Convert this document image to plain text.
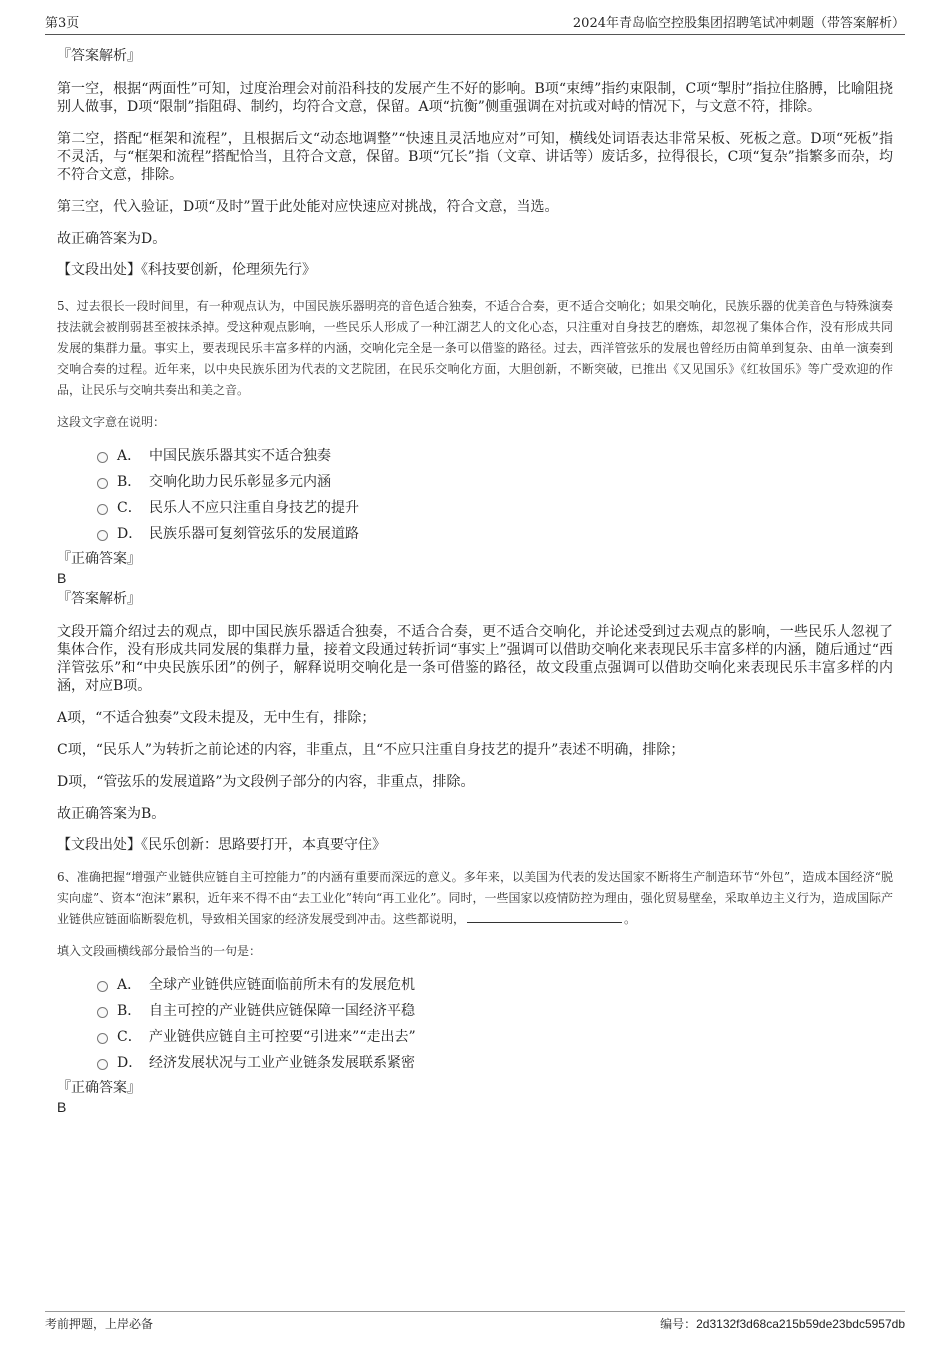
第3页	2024年青岛临空控股集团招聘笔试冲刺题（带答案解析）

『答案解析』

第一空，根据“两面性”可知，过度治理会对前沿科技的发展产生不好的影响。B项“束缚”指约束限制，C项“掣肘”指拉住胳膊，比喻阻挠别人做事，D项“限制”指阻碍、制约，均符合文意，保留。A项“抗衡”侧重强调在对抗或对峙的情况下，与文意不符，排除。

第二空，搭配“框架和流程”，且根据后文“动态地调整”“快速且灵活地应对”可知，横线处词语表达非常呆板、死板之意。D项“死板”指不灵活，与“框架和流程”搭配恰当，且符合文意，保留。B项“冗长”指（文章、讲话等）废话多，拉得很长，C项“复杂”指繁多而杂，均不符合文意，排除。

第三空，代入验证，D项“及时”置于此处能对应快速应对挑战，符合文意，当选。

故正确答案为D。

【文段出处】《科技要创新，伦理须先行》

5、过去很长一段时间里，有一种观点认为，中国民族乐器明亮的音色适合独奏，不适合合奏，更不适合交响化；如果交响化，民族乐器的优美音色与特殊演奏技法就会被削弱甚至被抹杀掉。受这种观点影响，一些民乐人形成了一种江湖艺人的文化心态，只注重对自身技艺的磨炼，却忽视了集体合作，没有形成共同发展的集群力量。事实上，要表现民乐丰富多样的内涵，交响化完全是一条可以借鉴的路径。过去，西洋管弦乐的发展也曾经历由简单到复杂、由单一演奏到交响合奏的过程。近年来，以中央民族乐团为代表的文艺院团，在民乐交响化方面，大胆创新，不断突破，已推出《又见国乐》《红妆国乐》等广受欢迎的作品，让民乐与交响共奏出和美之音。

这段文字意在说明：

A． 中国民族乐器其实不适合独奏
B． 交响化助力民乐彰显多元内涵
C． 民乐人不应只注重自身技艺的提升
D． 民族乐器可复刻管弦乐的发展道路

『正确答案』

B

『答案解析』

文段开篇介绍过去的观点，即中国民族乐器适合独奏，不适合合奏，更不适合交响化，并论述受到过去观点的影响，一些民乐人忽视了集体合作，没有形成共同发展的集群力量，接着文段通过转折词“事实上”强调可以借助交响化来表现民乐丰富多样的内涵，随后通过“西洋管弦乐”和“中央民族乐团”的例子，解释说明交响化是一条可借鉴的路径，故文段重点强调可以借助交响化来表现民乐丰富多样的内涵，对应B项。

A项，“不适合独奏”文段未提及，无中生有，排除；

C项，“民乐人”为转折之前论述的内容，非重点，且“不应只注重自身技艺的提升”表述不明确，排除；

D项，“管弦乐的发展道路”为文段例子部分的内容，非重点，排除。

故正确答案为B。

【文段出处】《民乐创新：思路要打开，本真要守住》

6、准确把握“增强产业链供应链自主可控能力”的内涵有重要而深远的意义。多年来，以美国为代表的发达国家不断将生产制造环节“外包”，造成本国经济“脱实向虚”、资本“泡沫”累积，近年来不得不由“去工业化”转向“再工业化”。同时，一些国家以疫情防控为理由，强化贸易壁垒，采取单边主义行为，造成国际产业链供应链面临断裂危机，导致相关国家的经济发展受到冲击。这些都说明，	。

填入文段画横线部分最恰当的一句是：

A． 全球产业链供应链面临前所未有的发展危机
B． 自主可控的产业链供应链保障一国经济平稳
C． 产业链供应链自主可控要“引进来”“走出去”
D． 经济发展状况与工业产业链条发展联系紧密

『正确答案』

B

考前押题，上岸必备	编号：2d3132f3d68ca215b59de23bdc5957db
